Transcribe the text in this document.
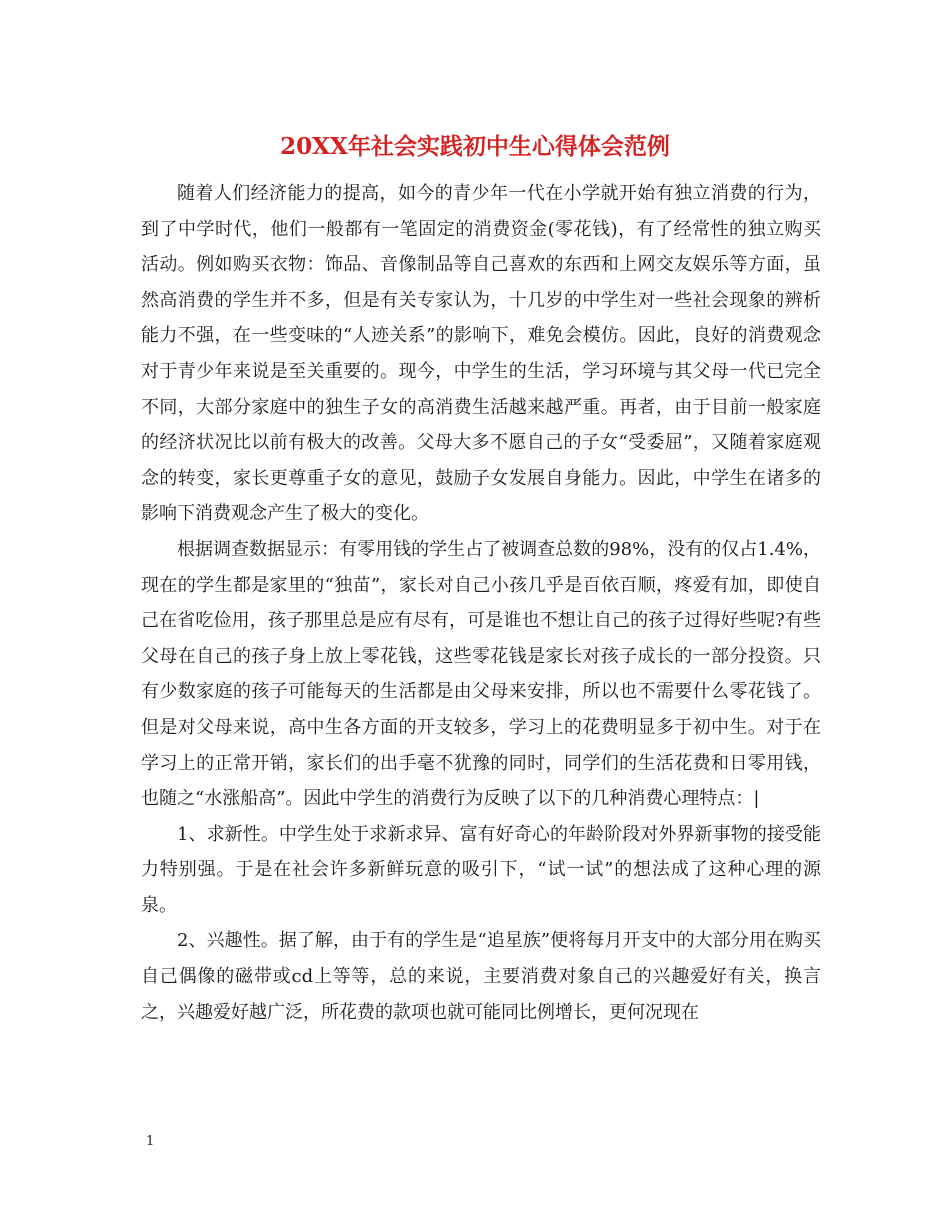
20XX年社会实践初中生心得体会范例

随着人们经济能力的提高，如今的青少年一代在小学就开始有独立消费的行为，到了中学时代，他们一般都有一笔固定的消费资金(零花钱)，有了经常性的独立购买活动。例如购买衣物：饰品、音像制品等自己喜欢的东西和上网交友娱乐等方面，虽然高消费的学生并不多，但是有关专家认为，十几岁的中学生对一些社会现象的辨析能力不强，在一些变味的“人迹关系”的影响下，难免会模仿。因此，良好的消费观念对于青少年来说是至关重要的。现今，中学生的生活，学习环境与其父母一代已完全不同，大部分家庭中的独生子女的高消费生活越来越严重。再者，由于目前一般家庭的经济状况比以前有极大的改善。父母大多不愿自己的子女“受委屈”，又随着家庭观念的转变，家长更尊重子女的意见，鼓励子女发展自身能力。因此，中学生在诸多的影响下消费观念产生了极大的变化。

根据调查数据显示：有零用钱的学生占了被调查总数的98%，没有的仅占1.4%，现在的学生都是家里的“独苗”，家长对自己小孩几乎是百依百顺，疼爱有加，即使自己在省吃俭用，孩子那里总是应有尽有，可是谁也不想让自己的孩子过得好些呢?有些父母在自己的孩子身上放上零花钱，这些零花钱是家长对孩子成长的一部分投资。只有少数家庭的孩子可能每天的生活都是由父母来安排，所以也不需要什么零花钱了。但是对父母来说，高中生各方面的开支较多，学习上的花费明显多于初中生。对于在学习上的正常开销，家长们的出手毫不犹豫的同时，同学们的生活花费和日零用钱，也随之“水涨船高”。因此中学生的消费行为反映了以下的几种消费心理特点：|

1、求新性。中学生处于求新求异、富有好奇心的年龄阶段对外界新事物的接受能力特别强。于是在社会许多新鲜玩意的吸引下，“试一试”的想法成了这种心理的源泉。

2、兴趣性。据了解，由于有的学生是“追星族”便将每月开支中的大部分用在购买自己偶像的磁带或cd上等等，总的来说，主要消费对象自己的兴趣爱好有关，换言之，兴趣爱好越广泛，所花费的款项也就可能同比例增长，更何况现在

1
